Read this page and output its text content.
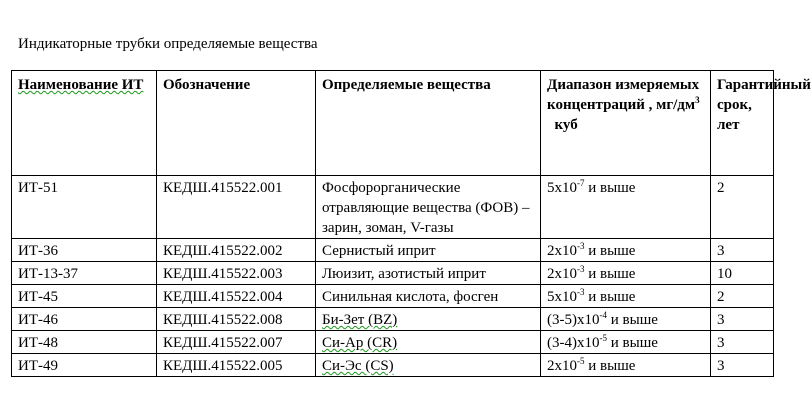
Индикаторные трубки определяемые вещества
Наименование ИТ	Обозначение	Определяемые вещества	Диапазон измеряемых концентраций , $мг/дм^3$  куб	Гарантийный срок, лет
ИТ-51	КЕДШ.415522.001	Фосфорорганические отравляющие вещества (ФОВ) –зарин, зоман, V-газы	$5х10^{-7}$ и выше	2
ИТ-36	КЕДШ.415522.002	Сернистый иприт	$2х10^{-3}$ и выше	3
ИТ-13-37	КЕДШ.415522.003	Люизит, азотистый иприт	$2х10^{-3}$ и выше	10
ИТ-45	КЕДШ.415522.004	Синильная кислота, фосген	$5х10^{-3}$ и выше	2
ИТ-46	КЕДШ.415522.008	Би-Зет (BZ)	$(3-5)х10^{-4}$ и выше	3
ИТ-48	КЕДШ.415522.007	Си-Ар (CR)	$(3-4)х10^{-5}$ и выше	3
ИТ-49	КЕДШ.415522.005	Си-Эс (CS)	$2х10^{-5}$ и выше	3
